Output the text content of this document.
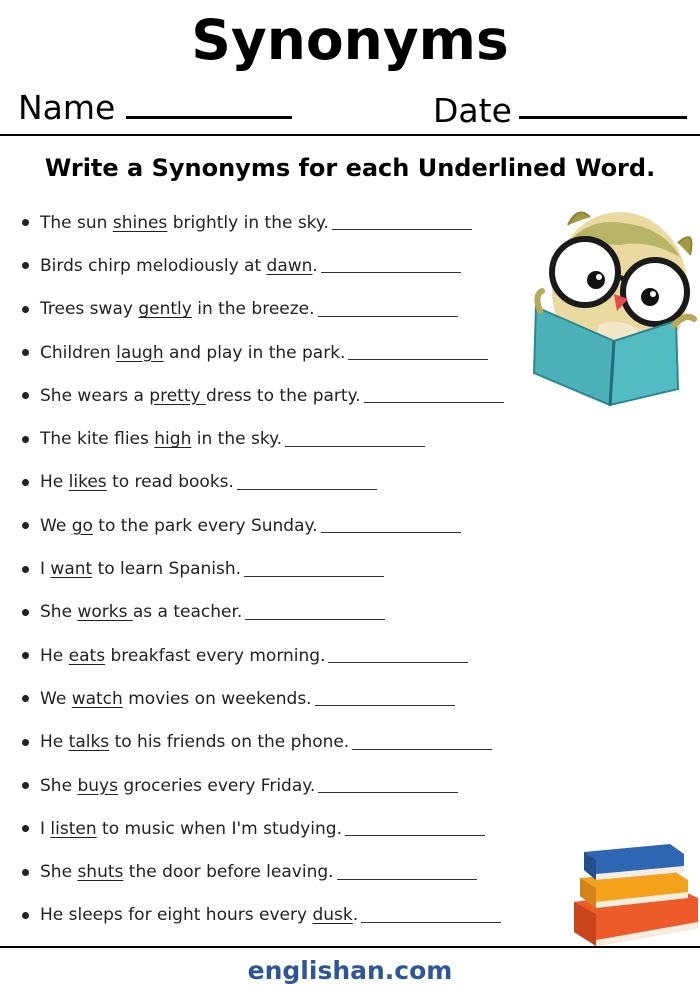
Synonyms
Name	Date
Write a Synonyms for each Underlined Word.
The sun shines brightly in the sky.
Birds chirp melodiously at dawn .
Trees sway gently in the breeze.
Children laugh and play in the park.
She wears a pretty dress to the party.
The kite flies high in the sky.
He likes to read books.
We go to the park every Sunday.
I want to learn Spanish.
She works as a teacher.
He eats breakfast every morning.
We watch movies on weekends.
He talks to his friends on the phone.
She buys groceries every Friday.
I listen to music when I'm studying.
She shuts the door before leaving.
He sleeps for eight hours every dusk .
englishan.com
